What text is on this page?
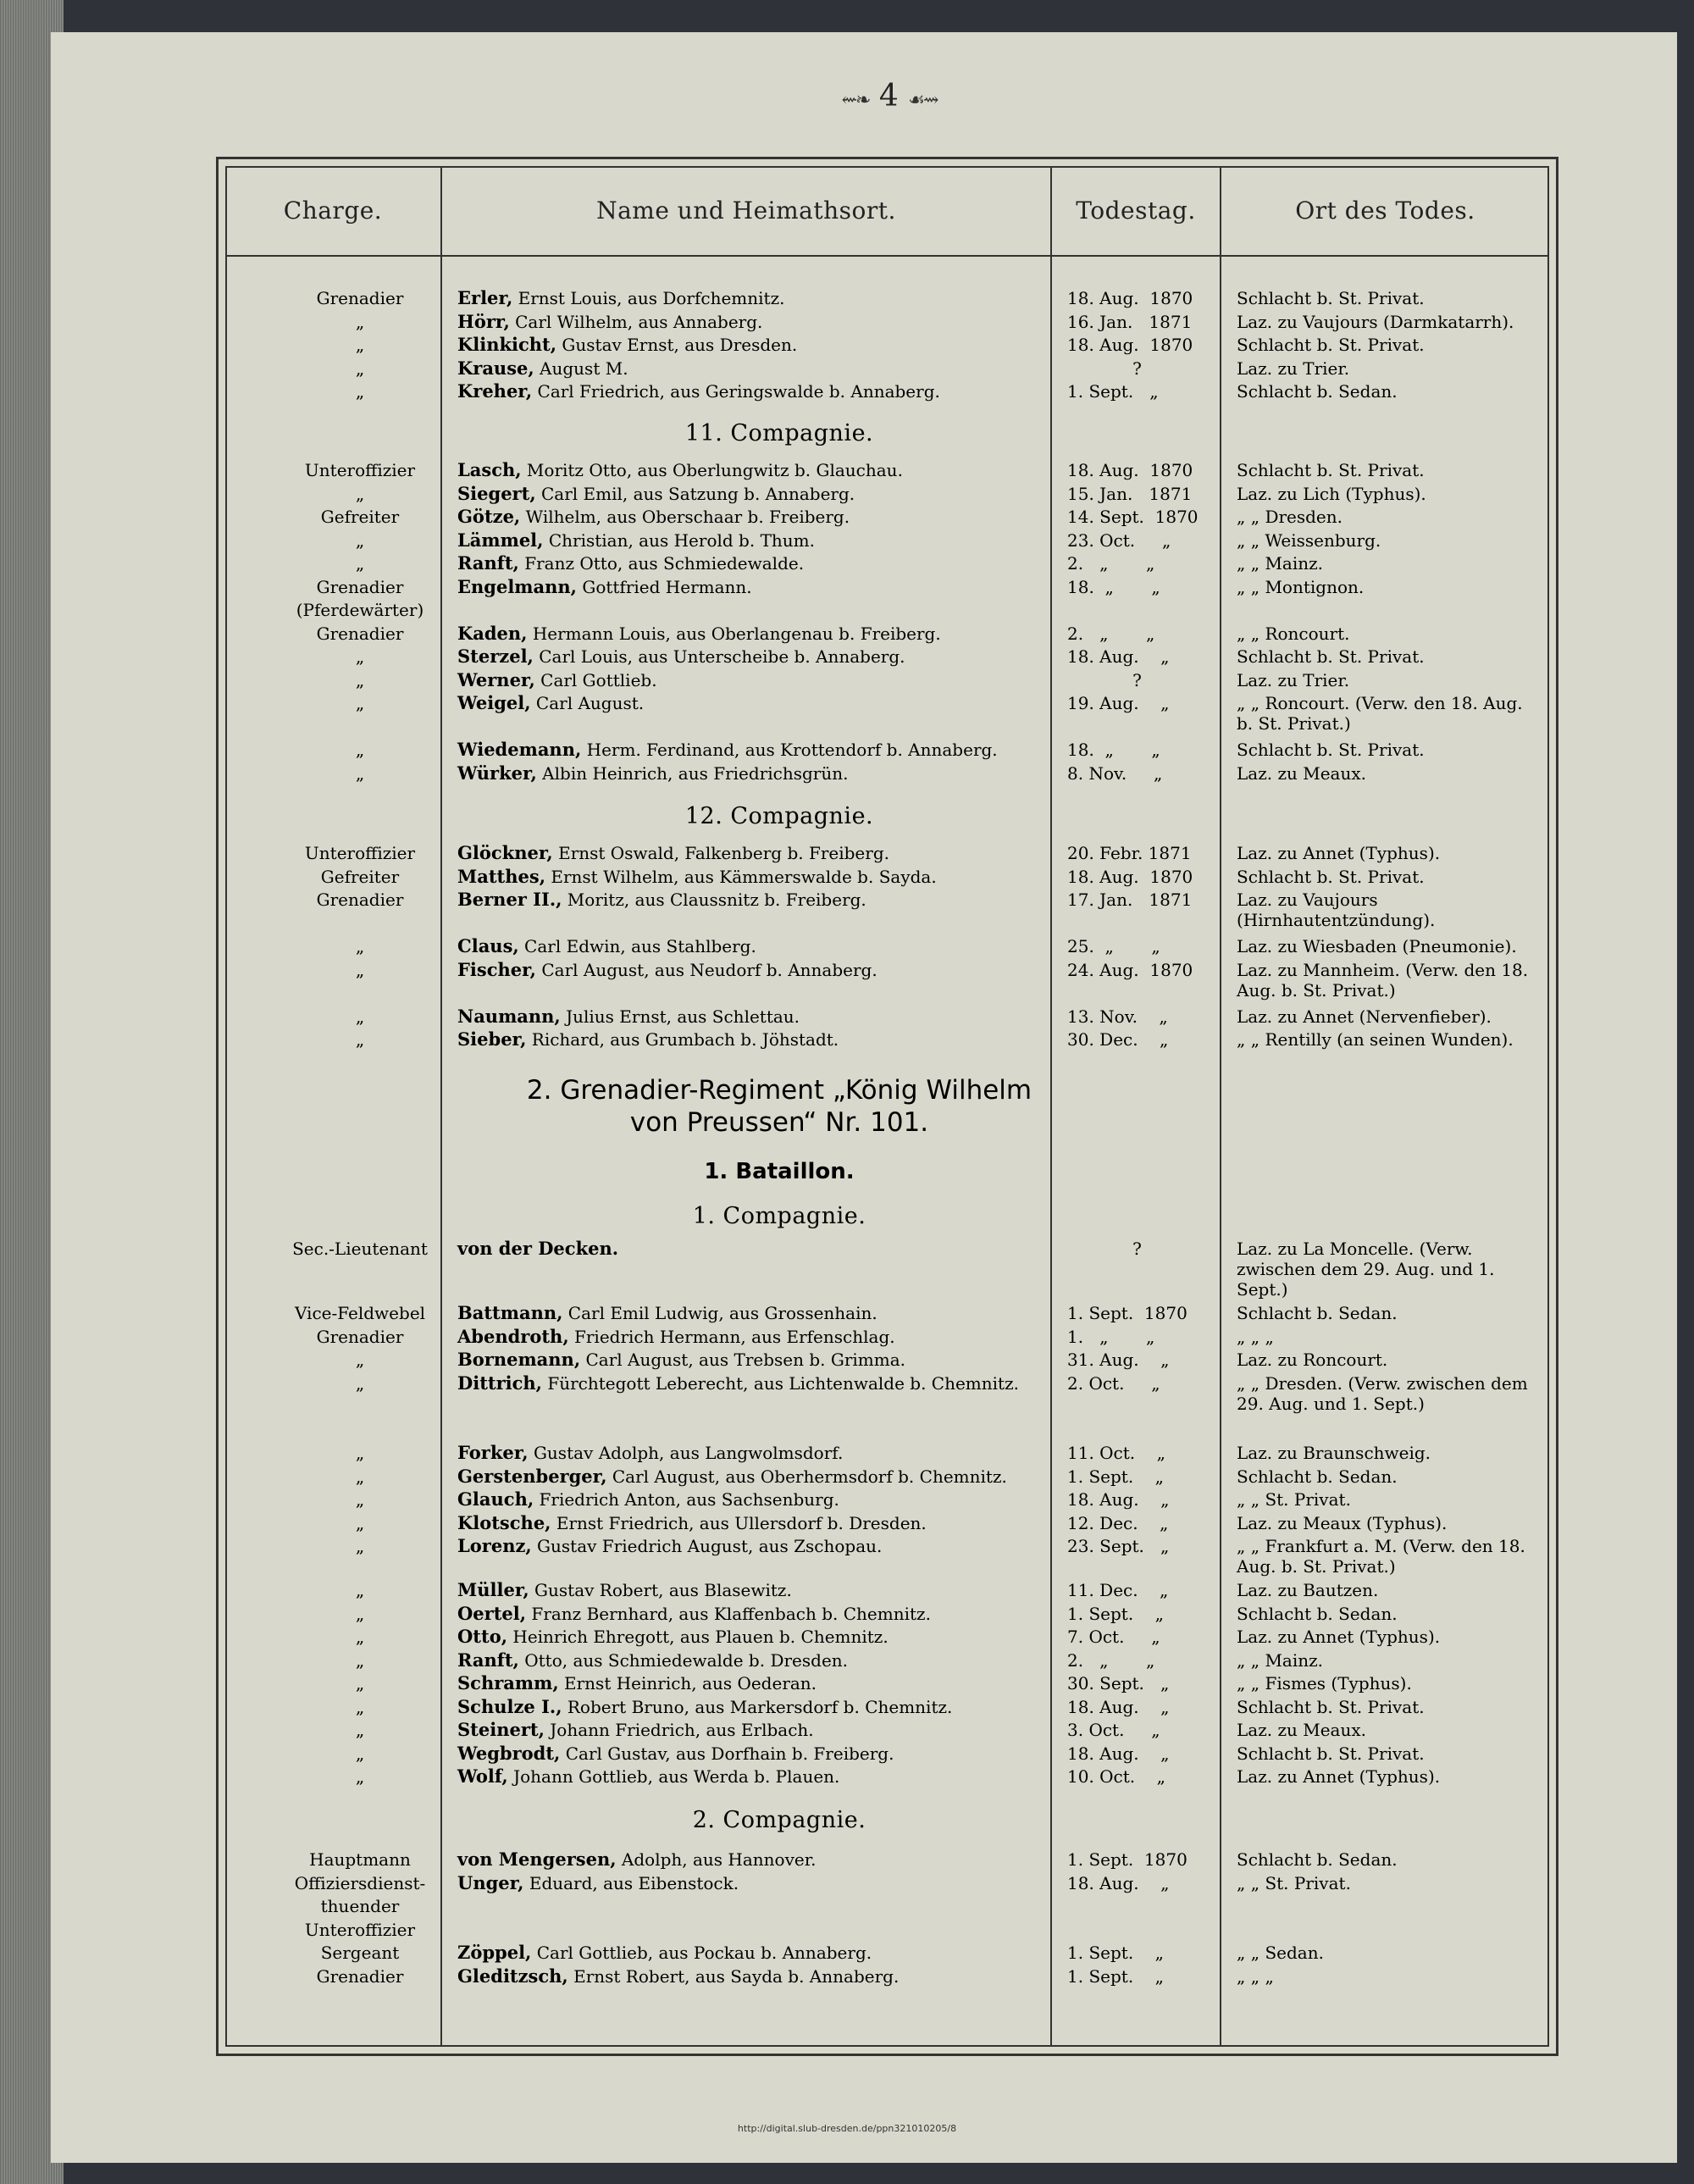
⇜❧ 4 ☙⇝
Charge.	Name und Heimathsort.	Todestag.	Ort des Todes.
Grenadier	Erler, Ernst Louis, aus Dorfchemnitz.	18. Aug.  1870	Schlacht b. St. Privat.
„	Hörr, Carl Wilhelm, aus Annaberg.	16. Jan.   1871	Laz. zu Vaujours (Darmkatarrh).
„	Klinkicht, Gustav Ernst, aus Dresden.	18. Aug.  1870	Schlacht b. St. Privat.
„	Krause, August M.	?	Laz. zu Trier.
„	Kreher, Carl Friedrich, aus Geringswalde b. Annaberg.	1. Sept.   „	Schlacht b. Sedan.
11. Compagnie.
Unteroffizier	Lasch, Moritz Otto, aus Oberlungwitz b. Glauchau.	18. Aug.  1870	Schlacht b. St. Privat.
„	Siegert, Carl Emil, aus Satzung b. Annaberg.	15. Jan.   1871	Laz. zu Lich (Typhus).
Gefreiter	Götze, Wilhelm, aus Oberschaar b. Freiberg.	14. Sept.  1870	„ „ Dresden.
„	Lämmel, Christian, aus Herold b. Thum.	23. Oct.     „	„ „ Weissenburg.
„	Ranft, Franz Otto, aus Schmiedewalde.	2.   „       „	„ „ Mainz.
Grenadier	Engelmann, Gottfried Hermann.	18.  „       „	„ „ Montignon.
(Pferdewärter)
Grenadier	Kaden, Hermann Louis, aus Oberlangenau b. Freiberg.	2.   „       „	„ „ Roncourt.
„	Sterzel, Carl Louis, aus Unterscheibe b. Annaberg.	18. Aug.    „	Schlacht b. St. Privat.
„	Werner, Carl Gottlieb.	?	Laz. zu Trier.
„	Weigel, Carl August.	19. Aug.    „	„ „ Roncourt. (Verw. den 18. Aug. b. St. Privat.)
„	Wiedemann, Herm. Ferdinand, aus Krottendorf b. Annaberg.	18.  „       „	Schlacht b. St. Privat.
„	Würker, Albin Heinrich, aus Friedrichsgrün.	8. Nov.     „	Laz. zu Meaux.
12. Compagnie.
Unteroffizier	Glöckner, Ernst Oswald, Falkenberg b. Freiberg.	20. Febr. 1871	Laz. zu Annet (Typhus).
Gefreiter	Matthes, Ernst Wilhelm, aus Kämmerswalde b. Sayda.	18. Aug.  1870	Schlacht b. St. Privat.
Grenadier	Berner II., Moritz, aus Claussnitz b. Freiberg.	17. Jan.   1871	Laz. zu Vaujours (Hirnhautentzündung).
„	Claus, Carl Edwin, aus Stahlberg.	25.  „       „	Laz. zu Wiesbaden (Pneumonie).
„	Fischer, Carl August, aus Neudorf b. Annaberg.	24. Aug.  1870	Laz. zu Mannheim. (Verw. den 18. Aug. b. St. Privat.)
„	Naumann, Julius Ernst, aus Schlettau.	13. Nov.    „	Laz. zu Annet (Nervenfieber).
„	Sieber, Richard, aus Grumbach b. Jöhstadt.	30. Dec.    „	„ „ Rentilly (an seinen Wunden).
2. Grenadier-Regiment „König Wilhelm
von Preussen“ Nr. 101.
1. Bataillon.
1. Compagnie.
Sec.-Lieutenant	von der Decken.	?	Laz. zu La Moncelle. (Verw. zwischen dem 29. Aug. und 1. Sept.)
Vice-Feldwebel	Battmann, Carl Emil Ludwig, aus Grossenhain.	1. Sept.  1870	Schlacht b. Sedan.
Grenadier	Abendroth, Friedrich Hermann, aus Erfenschlag.	1.   „       „	„ „ „
„	Bornemann, Carl August, aus Trebsen b. Grimma.	31. Aug.    „	Laz. zu Roncourt.
„	Dittrich, Fürchtegott Leberecht, aus Lichtenwalde b. Chemnitz.	2. Oct.     „	„ „ Dresden. (Verw. zwischen dem 29. Aug. und 1. Sept.)
„	Forker, Gustav Adolph, aus Langwolmsdorf.	11. Oct.    „	Laz. zu Braunschweig.
„	Gerstenberger, Carl August, aus Oberhermsdorf b. Chemnitz.	1. Sept.    „	Schlacht b. Sedan.
„	Glauch, Friedrich Anton, aus Sachsenburg.	18. Aug.    „	„ „ St. Privat.
„	Klotsche, Ernst Friedrich, aus Ullersdorf b. Dresden.	12. Dec.    „	Laz. zu Meaux (Typhus).
„	Lorenz, Gustav Friedrich August, aus Zschopau.	23. Sept.   „	„ „ Frankfurt a. M. (Verw. den 18. Aug. b. St. Privat.)
„	Müller, Gustav Robert, aus Blasewitz.	11. Dec.    „	Laz. zu Bautzen.
„	Oertel, Franz Bernhard, aus Klaffenbach b. Chemnitz.	1. Sept.    „	Schlacht b. Sedan.
„	Otto, Heinrich Ehregott, aus Plauen b. Chemnitz.	7. Oct.     „	Laz. zu Annet (Typhus).
„	Ranft, Otto, aus Schmiedewalde b. Dresden.	2.   „       „	„ „ Mainz.
„	Schramm, Ernst Heinrich, aus Oederan.	30. Sept.   „	„ „ Fismes (Typhus).
„	Schulze I., Robert Bruno, aus Markersdorf b. Chemnitz.	18. Aug.    „	Schlacht b. St. Privat.
„	Steinert, Johann Friedrich, aus Erlbach.	3. Oct.     „	Laz. zu Meaux.
„	Wegbrodt, Carl Gustav, aus Dorfhain b. Freiberg.	18. Aug.    „	Schlacht b. St. Privat.
„	Wolf, Johann Gottlieb, aus Werda b. Plauen.	10. Oct.    „	Laz. zu Annet (Typhus).
2. Compagnie.
Hauptmann	von Mengersen, Adolph, aus Hannover.	1. Sept.  1870	Schlacht b. Sedan.
Offiziersdienst-	Unger, Eduard, aus Eibenstock.	18. Aug.    „	„ „ St. Privat.
thuender
Unteroffizier
Sergeant	Zöppel, Carl Gottlieb, aus Pockau b. Annaberg.	1. Sept.    „	„ „ Sedan.
Grenadier	Gleditzsch, Ernst Robert, aus Sayda b. Annaberg.	1. Sept.    „	„ „ „
http://digital.slub-dresden.de/ppn321010205/8
